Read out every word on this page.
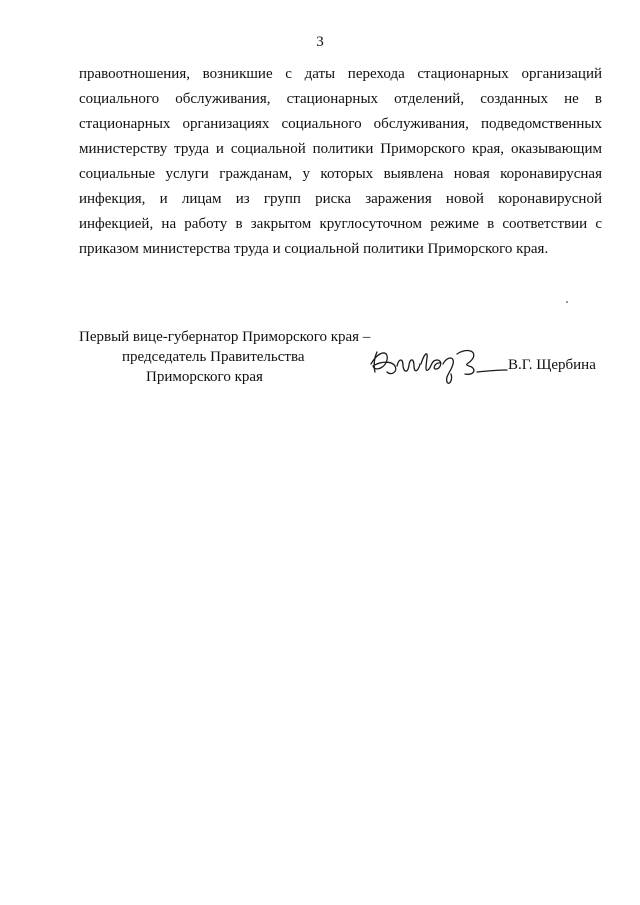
3
правоотношения, возникшие с даты перехода стационарных организаций
социального обслуживания, стационарных отделений, созданных не в
стационарных организациях социального обслуживания, подведомственных
министерству труда и социальной политики Приморского края, оказывающим
социальные услуги гражданам, у которых выявлена новая коронавирусная
инфекция, и лицам из групп риска заражения новой коронавирусной
инфекцией, на работу в закрытом круглосуточном режиме в соответствии с
приказом министерства труда и социальной политики Приморского края.
Первый вице-губернатор Приморского края –
председатель Правительства
Приморского края
В.Г. Щербина
